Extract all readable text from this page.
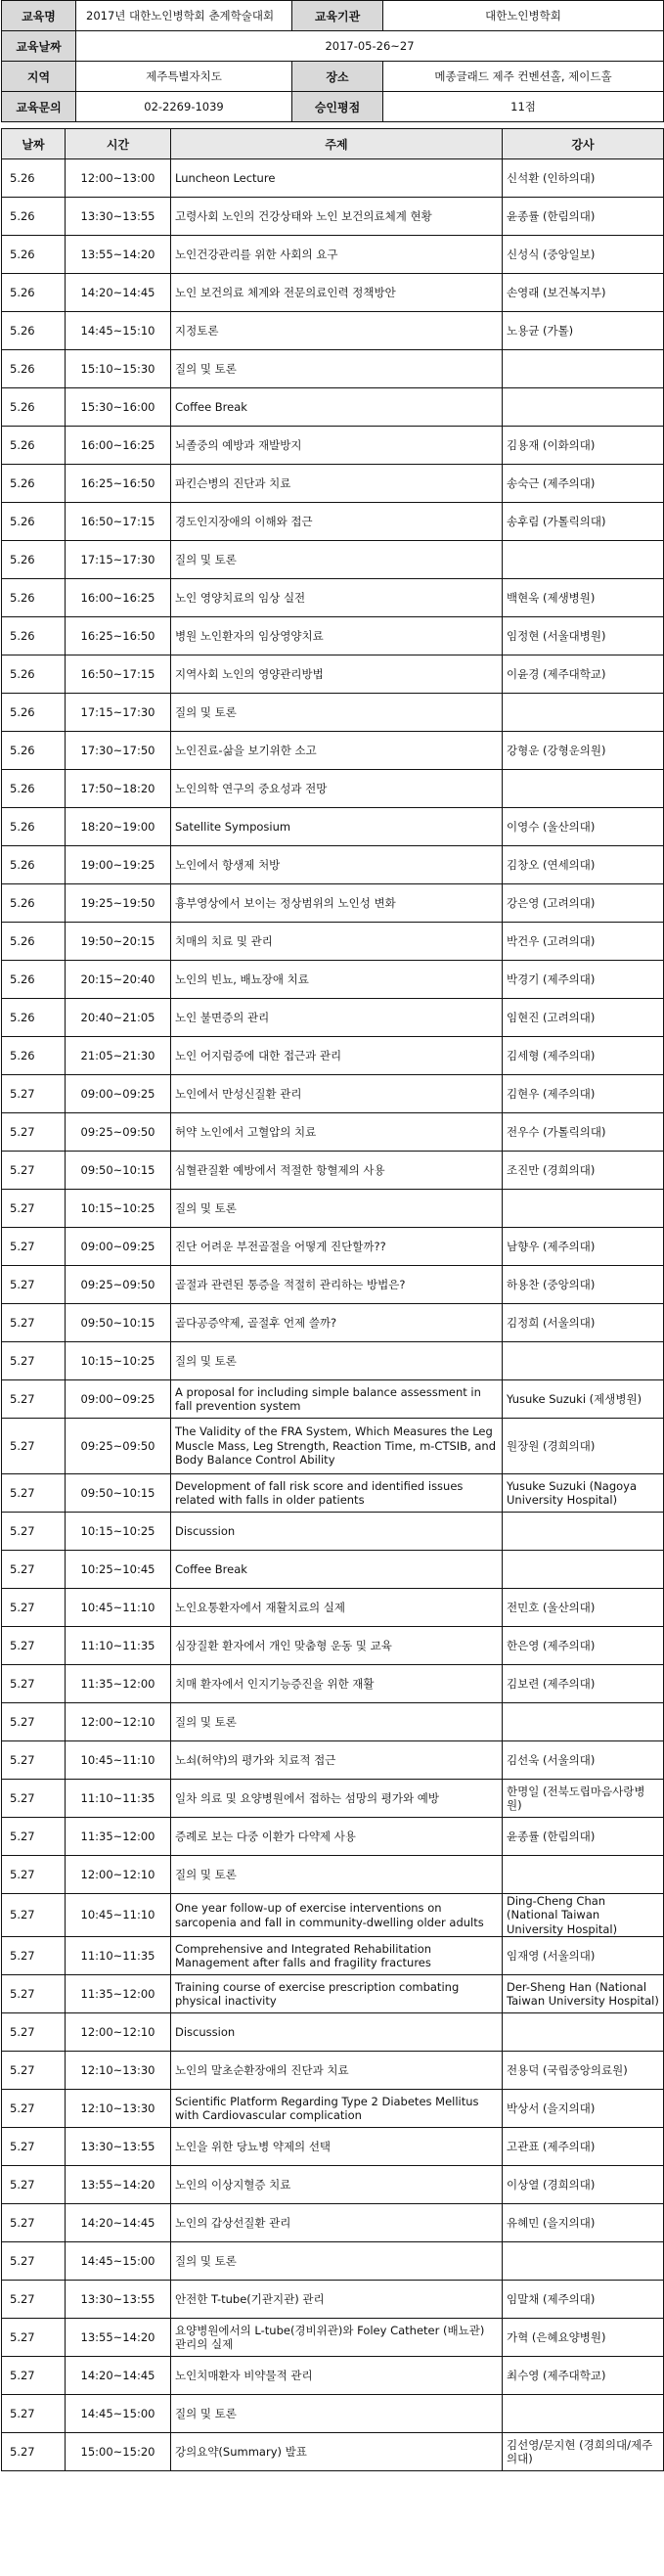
교육명	2017년 대한노인병학회 춘계학술대회	교육기관	대한노인병학회
교육날짜	2017-05-26~27		
지역	제주특별자치도	장소	메종글래드 제주 컨벤션홀, 제이드홀
교육문의	02-2269-1039	승인평점	11점
날짜	시간	주제	강사
5.26	12:00~13:00	Luncheon Lecture	신석환 (인하의대)
5.26	13:30~13:55	고령사회 노인의 건강상태와 노인 보건의료체계 현황	윤종률 (한림의대)
5.26	13:55~14:20	노인건강관리를 위한 사회의 요구	신성식 (중앙일보)
5.26	14:20~14:45	노인 보건의료 체계와 전문의료인력 정책방안	손영래 (보건복지부)
5.26	14:45~15:10	지정토론	노용균 (가톨)
5.26	15:10~15:30	질의 및 토론	
5.26	15:30~16:00	Coffee Break	
5.26	16:00~16:25	뇌졸중의 예방과 재발방지	김용재 (이화의대)
5.26	16:25~16:50	파킨슨병의 진단과 치료	송숙근 (제주의대)
5.26	16:50~17:15	경도인지장애의 이해와 접근	송후림 (가톨릭의대)
5.26	17:15~17:30	질의 및 토론	
5.26	16:00~16:25	노인 영양치료의 임상 실전	백현욱 (제생병원)
5.26	16:25~16:50	병원 노인환자의 임상영양치료	임정현 (서울대병원)
5.26	16:50~17:15	지역사회 노인의 영양관리방법	이윤경 (제주대학교)
5.26	17:15~17:30	질의 및 토론	
5.26	17:30~17:50	노인진료-삶을 보기위한 소고	강형운 (강형운의원)
5.26	17:50~18:20	노인의학 연구의 중요성과 전망	
5.26	18:20~19:00	Satellite Symposium	이영수 (울산의대)
5.26	19:00~19:25	노인에서 항생제 처방	김창오 (연세의대)
5.26	19:25~19:50	흉부영상에서 보이는 정상범위의 노인성 변화	강은영 (고려의대)
5.26	19:50~20:15	치매의 치료 및 관리	박건우 (고려의대)
5.26	20:15~20:40	노인의 빈뇨, 배뇨장애 치료	박경기 (제주의대)
5.26	20:40~21:05	노인 불면증의 관리	임현진 (고려의대)
5.26	21:05~21:30	노인 어지럼증에 대한 접근과 관리	김세형 (제주의대)
5.27	09:00~09:25	노인에서 만성신질환 관리	김현우 (제주의대)
5.27	09:25~09:50	허약 노인에서 고혈압의 치료	전우수 (가톨릭의대)
5.27	09:50~10:15	심혈관질환 예방에서 적절한 항혈제의 사용	조진만 (경희의대)
5.27	10:15~10:25	질의 및 토론	
5.27	09:00~09:25	진단 어려운 부전골절을 어떻게 진단할까??	남향우 (제주의대)
5.27	09:25~09:50	골절과 관련된 통증을 적절히 관리하는 방법은?	하용찬 (중앙의대)
5.27	09:50~10:15	골다공증약제, 골절후 언제 쓸까?	김정희 (서울의대)
5.27	10:15~10:25	질의 및 토론	
5.27	09:00~09:25	A proposal for including simple balance assessment in fall prevention system	Yusuke Suzuki (제생병원)
5.27	09:25~09:50	The Validity of the FRA System, Which Measures the Leg Muscle Mass, Leg Strength, Reaction Time, m-CTSIB, and Body Balance Control Ability	원장원 (경희의대)
5.27	09:50~10:15	Development of fall risk score and identified issues related with falls in older patients	Yusuke Suzuki (Nagoya University Hospital)
5.27	10:15~10:25	Discussion	
5.27	10:25~10:45	Coffee Break	
5.27	10:45~11:10	노인요통환자에서 재활치료의 실제	전민호 (울산의대)
5.27	11:10~11:35	심장질환 환자에서 개인 맞춤형 운동 및 교육	한은영 (제주의대)
5.27	11:35~12:00	치매 환자에서 인지기능증진을 위한 재활	김보련 (제주의대)
5.27	12:00~12:10	질의 및 토론	
5.27	10:45~11:10	노쇠(허약)의 평가와 치료적 접근	김선욱 (서울의대)
5.27	11:10~11:35	일차 의료 및 요양병원에서 접하는 섬망의 평가와 예방	한명일 (전북도립마음사랑병원)
5.27	11:35~12:00	증례로 보는 다중 이환가 다약제 사용	윤종률 (한림의대)
5.27	12:00~12:10	질의 및 토론	
5.27	10:45~11:10	One year follow-up of exercise interventions on sarcopenia and fall in community-dwelling older adults	Ding-Cheng Chan (National Taiwan University Hospital)
5.27	11:10~11:35	Comprehensive and Integrated Rehabilitation Management after falls and fragility fractures	임재영 (서울의대)
5.27	11:35~12:00	Training course of exercise prescription combating physical inactivity	Der-Sheng Han (National Taiwan University Hospital)
5.27	12:00~12:10	Discussion	
5.27	12:10~13:30	노인의 말초순환장애의 진단과 치료	전용덕 (국립중앙의료원)
5.27	12:10~13:30	Scientific Platform Regarding Type 2 Diabetes Mellitus with Cardiovascular complication	박상서 (을지의대)
5.27	13:30~13:55	노인을 위한 당뇨병 약제의 선택	고관표 (제주의대)
5.27	13:55~14:20	노인의 이상지혈증 치료	이상열 (경희의대)
5.27	14:20~14:45	노인의 갑상선질환 관리	유혜민 (을지의대)
5.27	14:45~15:00	질의 및 토론	
5.27	13:30~13:55	안전한 T-tube(기관지관) 관리	임말채 (제주의대)
5.27	13:55~14:20	요양병원에서의 L-tube(경비위관)와 Foley Catheter (배뇨관) 관리의 실제	가혁 (은혜요양병원)
5.27	14:20~14:45	노인치매환자 비약물적 관리	최수영 (제주대학교)
5.27	14:45~15:00	질의 및 토론	
5.27	15:00~15:20	강의요약(Summary) 발표	김선영/문지현 (경희의대/제주의대)
